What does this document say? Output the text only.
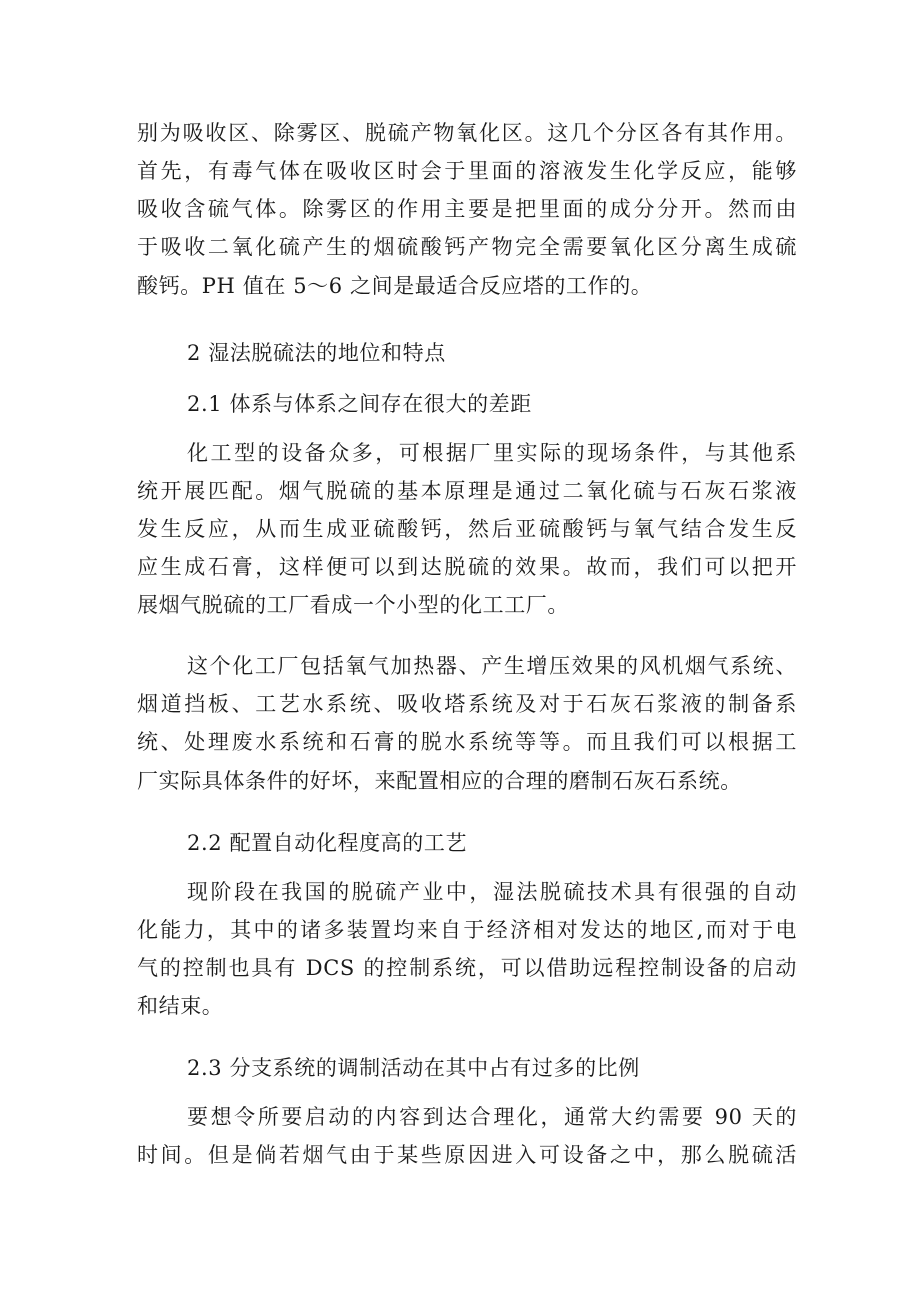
别为吸收区、除雾区、脱硫产物氧化区。这几个分区各有其作用。
首先，有毒气体在吸收区时会于里面的溶液发生化学反应，能够
吸收含硫气体。除雾区的作用主要是把里面的成分分开。然而由
于吸收二氧化硫产生的烟硫酸钙产物完全需要氧化区分离生成硫
酸钙。PH 值在 5～6 之间是最适合反应塔的工作的。
2 湿法脱硫法的地位和特点
2.1 体系与体系之间存在很大的差距
化工型的设备众多，可根据厂里实际的现场条件，与其他系
统开展匹配。烟气脱硫的基本原理是通过二氧化硫与石灰石浆液
发生反应，从而生成亚硫酸钙，然后亚硫酸钙与氧气结合发生反
应生成石膏，这样便可以到达脱硫的效果。故而，我们可以把开
展烟气脱硫的工厂看成一个小型的化工工厂。
这个化工厂包括氧气加热器、产生增压效果的风机烟气系统、
烟道挡板、工艺水系统、吸收塔系统及对于石灰石浆液的制备系
统、处理废水系统和石膏的脱水系统等等。而且我们可以根据工
厂实际具体条件的好坏，来配置相应的合理的磨制石灰石系统。
2.2 配置自动化程度高的工艺
现阶段在我国的脱硫产业中，湿法脱硫技术具有很强的自动
化能力，其中的诸多装置均来自于经济相对发达的地区,而对于电
气的控制也具有 DCS 的控制系统，可以借助远程控制设备的启动
和结束。
2.3 分支系统的调制活动在其中占有过多的比例
要想令所要启动的内容到达合理化，通常大约需要 90 天的
时间。但是倘若烟气由于某些原因进入可设备之中，那么脱硫活
